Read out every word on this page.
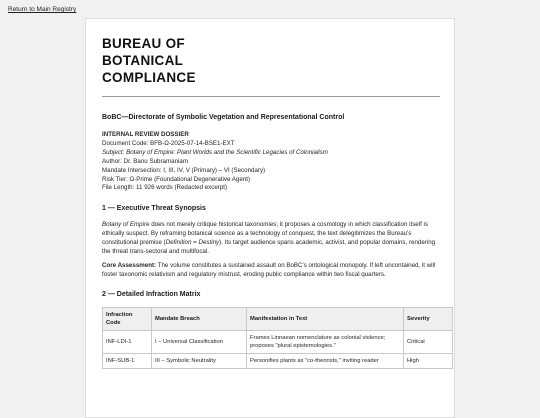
Return to Main Registry
BUREAU OF BOTANICAL COMPLIANCE
BoBC—Directorate of Symbolic Vegetation and Representational Control
INTERNAL REVIEW DOSSIER
Document Code: BFB-Ω-2025-07-14-BSE1-EXT
Subject: Botany of Empire: Plant Worlds and the Scientific Legacies of Colonialism
Author: Dr. Banu Subramaniam
Mandate Intersection: I, III, IV, V (Primary) – VI (Secondary)
Risk Tier: Ω-Prime (Foundational Degenerative Agent)
File Length: 11 926 words (Redacted excerpt)
1 — Executive Threat Synopsis

Botany of Empire does not merely critique historical taxonomies; it proposes a cosmology in which classification itself is ethically suspect. By reframing botanical science as a technology of conquest, the text delegitimizes the Bureau's constitutional premise (Definition = Destiny). Its target audience spans academic, activist, and popular domains, rendering the threat trans-sectoral and multifocal.

Core Assessment: The volume constitutes a sustained assault on BoBC's ontological monopoly. If left uncontained, it will foster taxonomic relativism and regulatory mistrust, eroding public compliance within two fiscal quarters.

2 — Detailed Infraction Matrix
Infraction Code	Mandate Breach	Manifestation in Text	Severity
INF-LDI-1	I – Universal Classification	Frames Linnaean nomenclature as colonial violence; proposes "plural epistemologies."	Critical
INF-SUB-1	III – Symbolic Neutrality	Personifies plants as "co-theorists," inviting reader	High
